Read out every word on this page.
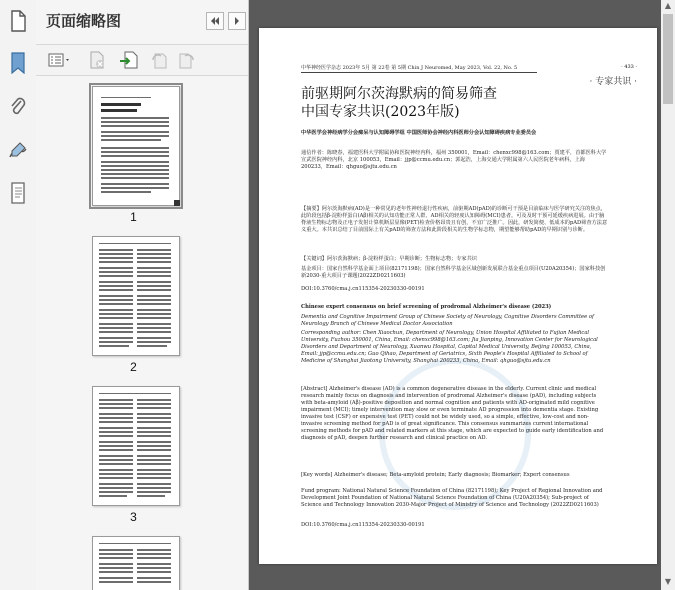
页面缩略图
1
2
3
中华神经医学杂志 2023年 5月 第 22卷 第 5期 Chin J Neuromed, May 2023, Vol. 22, No. 5	· 433 ·
· 专家共识 ·
前驱期阿尔茨海默病的简易筛查
中国专家共识(2023年版)
中华医学会神经病学分会痴呆与认知障碍学组 中国医师协会神经内科医师分会认知障碍疾病专业委员会
通信作者：陈晓春，福建医科大学附属协和医院神经内科，福州 350001，Email：chenxc998@163.com；贾建平，首都医科大学宣武医院神经内科，北京 100053，Email：jjp@ccmu.edu.cn；郭起浩，上海交通大学附属第六人民医院老年病科，上海 200233，Email：qhguo@sjtu.edu.cn
【摘要】阿尔茨海默病(AD)是一种常见的老年性神经退行性疾病，前驱期AD(pAD)的诊断可干预是目前临床与医学研究关注的焦点，此阶段包括β-淀粉样蛋白(Aβ)相关的认知功能正常人群、AD相关的轻度认知障碍(MCI)患者。可及及时干预可延缓疾病进展。由于脑脊液生物标志物及正电子发射计算机断层显像(PET)检查价格昂贵且有创，不宜广泛推广。因此，研发简便、低成本的pAD筛查方法意义重大。本共识总结了目前国际上有关pAD的筛查方法和此阶段相关的生物学标志物，期望能够帮助pAD的早期识别与诊断。
【关键词】阿尔茨海默病；β-淀粉样蛋白；早期诊断；生物标志物；专家共识
基金项目：国家自然科学基金面上项目(82171198)；国家自然科学基金区域创新发展联合基金重点项目(U20A20354)；国家科技创新2030-重大项目子课题(2022ZD0211603)
DOI:10.3760/cma.j.cn115354-20230330-00191
Chinese expert consensus on brief screening of prodromal Alzheimer's disease (2023)
Dementia and Cognitive Impairment Group of Chinese Society of Neurology, Cognitive Disorders Committee of Neurology Branch of Chinese Medical Doctor Association
Corresponding author: Chen Xiaochun, Department of Neurology, Union Hospital Affiliated to Fujian Medical University, Fuzhou 350001, China, Email: chenxc998@163.com; Jia Jianping, Innovation Center for Neurological Disorders and Department of Neurology, Xuanwu Hospital, Capital Medical University, Beijing 100053, China, Email: jjp@ccmu.edu.cn; Guo Qihao, Department of Geriatrics, Sixth People's Hospital Affiliated to School of Medicine of Shanghai Jiaotong University, Shanghai 200233, China, Email: qhguo@sjtu.edu.cn
[Abstract] Alzheimer's disease (AD) is a common degenerative disease in the elderly. Current clinic and medical research mainly focus on diagnosis and intervention of prodromal Alzheimer's disease (pAD), including subjects with beta-amyloid (Aβ)-positive deposition and normal cognition and patients with AD-originated mild cognitive impairment (MCI); timely intervention may slow or even terminate AD progression into dementia stage. Existing invasive test (CSF) or expensive test (PET) could not be widely used, so a simple, effective, low-cost and non-invasive screening method for pAD is of great significance. This consensus summarizes current international screening methods for pAD and related markers at this stage, which are expected to guide early identification and diagnosis of pAD, deepen further research and clinical practice on AD.
[Key words] Alzheimer's disease; Beta-amyloid protein; Early diagnosis; Biomarker; Expert consensus
Fund program: National Natural Science Foundation of China (82171198); Key Project of Regional Innovation and Development Joint Foundation of National Natural Science Foundation of China (U20A20354); Sub-project of Science and Technology Innovation 2030-Major Project of Ministry of Science and Technology (2022ZD0211603)
DOI:10.3760/cma.j.cn115354-20230330-00191
▲
▼
